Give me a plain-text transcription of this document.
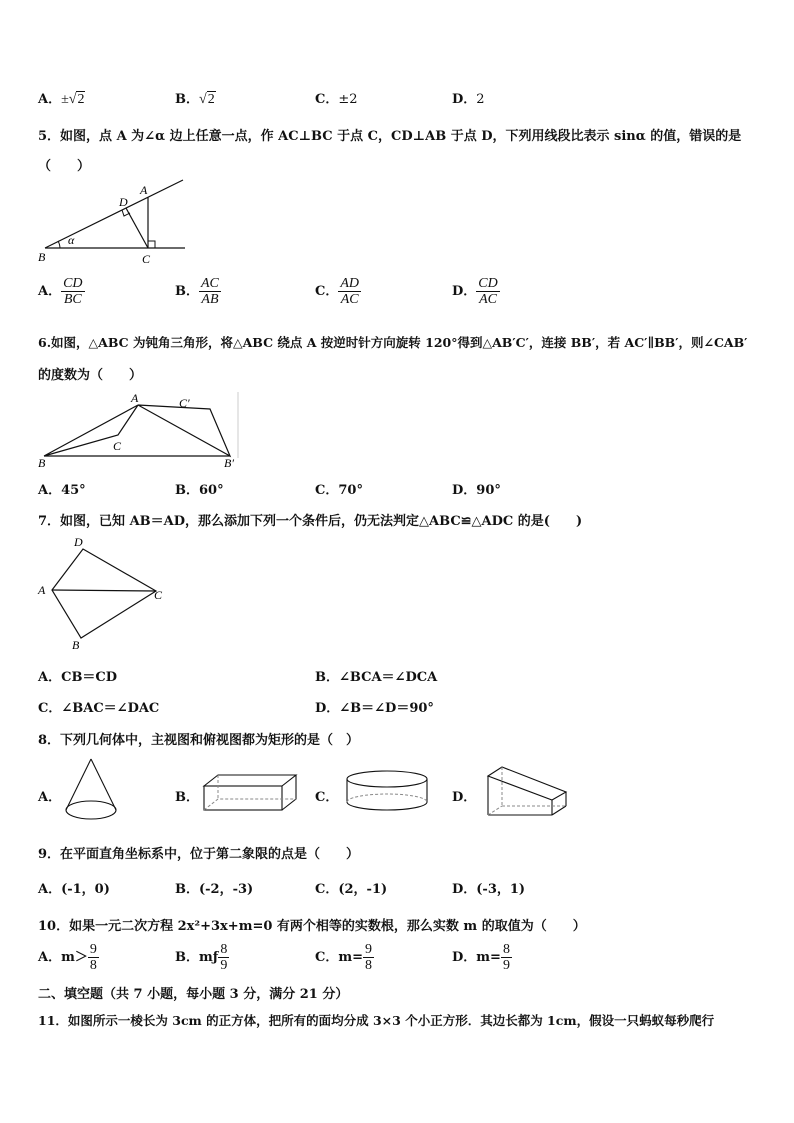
A．±√2	B．√2	C．±2	D．2
5．如图，点 A 为∠α 边上任意一点，作 AC⊥BC 于点 C，CD⊥AB 于点 D，下列用线段比表示 sinα 的值，错误的是
（　　）
B	C
A
D
α
A． $\frac{CD}{BC}$	B． $\frac{AC}{AB}$	C． $\frac{AD}{AC}$	D． $\frac{CD}{AC}$
6.如图，△ABC 为钝角三角形，将△ABC 绕点 A 按逆时针方向旋转 120°得到△AB′C′，连接 BB′，若 AC′∥BB′，则∠CAB′
的度数为（　　）
A
B
C
C′
B′
A．45°	B．60°	C．70°	D．90°
7．如图，已知 AB＝AD，那么添加下列一个条件后，仍无法判定△ABC≌△ADC 的是(　　)
D
A	C
B
A．CB＝CD	B．∠BCA＝∠DCA
C．∠BAC＝∠DAC	D．∠B＝∠D＝90°
8．下列几何体中，主视图和俯视图都为矩形的是（　）
A．	B．	C．	D．
9．在平面直角坐标系中，位于第二象限的点是（　　）
A．(-1，0)	B．(-2，-3)	C．(2，-1)	D．(-3，1)
10．如果一元二次方程 2x²+3x+m=0 有两个相等的实数根，那么实数 m 的取值为（　　）
A．$m> \frac{9}{8}$	B．mƒ $\frac{8}{9}$	C．$m= \frac{9}{8}$	D．$m= \frac{8}{9}$
二、填空题（共 7 小题，每小题 3 分，满分 21 分）
11．如图所示一棱长为 3cm 的正方体，把所有的面均分成 3×3 个小正方形．其边长都为 1cm，假设一只蚂蚁每秒爬行
